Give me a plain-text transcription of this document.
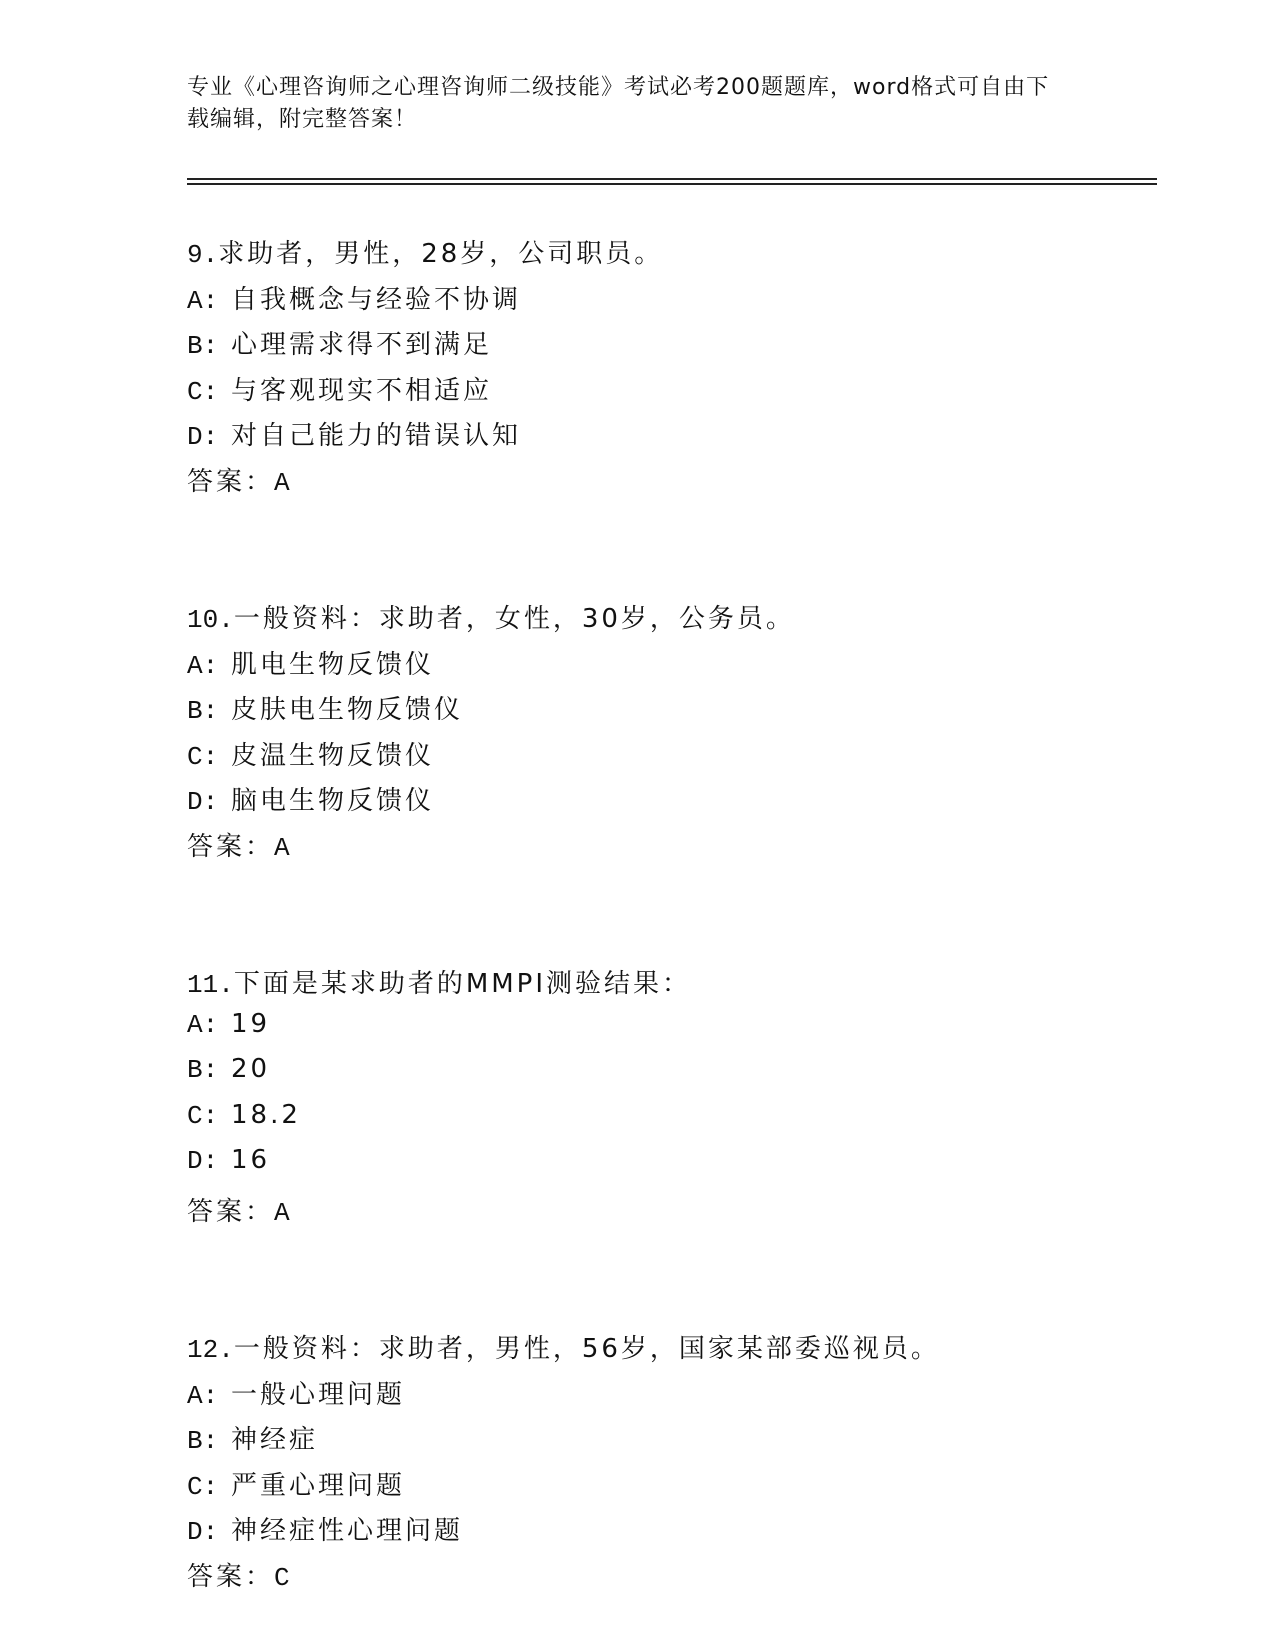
专业《心理咨询师之心理咨询师二级技能》考试必考200题题库，word格式可自由下载编辑，附完整答案！
9. 求助者，男性，28岁，公司职员。
A: 自我概念与经验不协调
B: 心理需求得不到满足
C: 与客观现实不相适应
D: 对自己能力的错误认知
答案： A
10. 一般资料：求助者，女性，30岁，公务员。
A: 肌电生物反馈仪
B: 皮肤电生物反馈仪
C: 皮温生物反馈仪
D: 脑电生物反馈仪
答案： A
11. 下面是某求助者的MMPI测验结果：
A: 19
B: 20
C: 18.2
D: 16
答案： A
12. 一般资料：求助者，男性，56岁，国家某部委巡视员。
A: 一般心理问题
B: 神经症
C: 严重心理问题
D: 神经症性心理问题
答案： C
